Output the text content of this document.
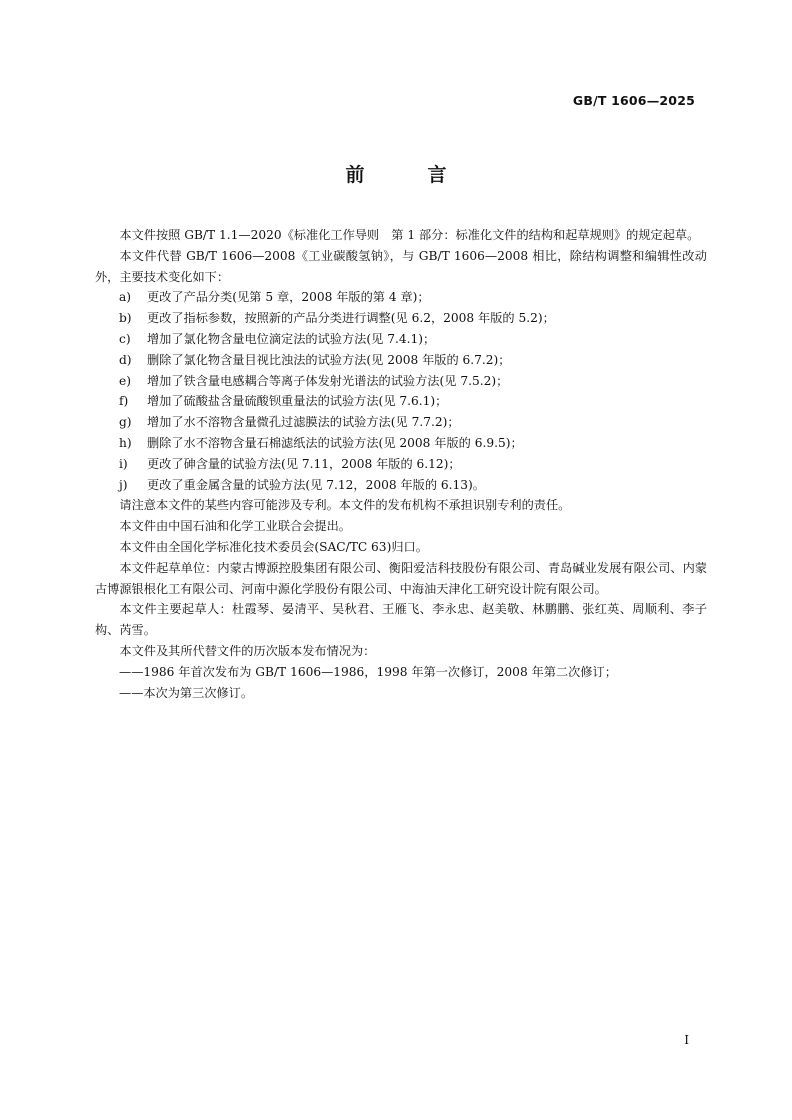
GB/T 1606—2025
前　言

本文件按照 GB/T 1.1—2020《标准化工作导则　第 1 部分：标准化文件的结构和起草规则》的规定起草。

本文件代替 GB/T 1606—2008《工业碳酸氢钠》，与 GB/T 1606—2008 相比，除结构调整和编辑性改动外，主要技术变化如下：

a)	更改了产品分类(见第 5 章，2008 年版的第 4 章)；
b)	更改了指标参数，按照新的产品分类进行调整(见 6.2，2008 年版的 5.2)；
c)	增加了氯化物含量电位滴定法的试验方法(见 7.4.1)；
d)	删除了氯化物含量目视比浊法的试验方法(见 2008 年版的 6.7.2)；
e)	增加了铁含量电感耦合等离子体发射光谱法的试验方法(见 7.5.2)；
f)	增加了硫酸盐含量硫酸钡重量法的试验方法(见 7.6.1)；
g)	增加了水不溶物含量微孔过滤膜法的试验方法(见 7.7.2)；
h)	删除了水不溶物含量石棉滤纸法的试验方法(见 2008 年版的 6.9.5)；
i)	更改了砷含量的试验方法(见 7.11，2008 年版的 6.12)；
j)	更改了重金属含量的试验方法(见 7.12，2008 年版的 6.13)。

请注意本文件的某些内容可能涉及专利。本文件的发布机构不承担识别专利的责任。

本文件由中国石油和化学工业联合会提出。

本文件由全国化学标准化技术委员会(SAC/TC 63)归口。

本文件起草单位：内蒙古博源控股集团有限公司、衡阳爱洁科技股份有限公司、青岛碱业发展有限公司、内蒙古博源银根化工有限公司、河南中源化学股份有限公司、中海油天津化工研究设计院有限公司。

本文件主要起草人：杜霞琴、晏清平、吴秋君、王雁飞、李永忠、赵美敬、林鹏鹏、张红英、周顺利、李子构、芮雪。

本文件及其所代替文件的历次版本发布情况为：

——1986 年首次发布为 GB/T 1606—1986，1998 年第一次修订，2008 年第二次修订；

——本次为第三次修订。

I
